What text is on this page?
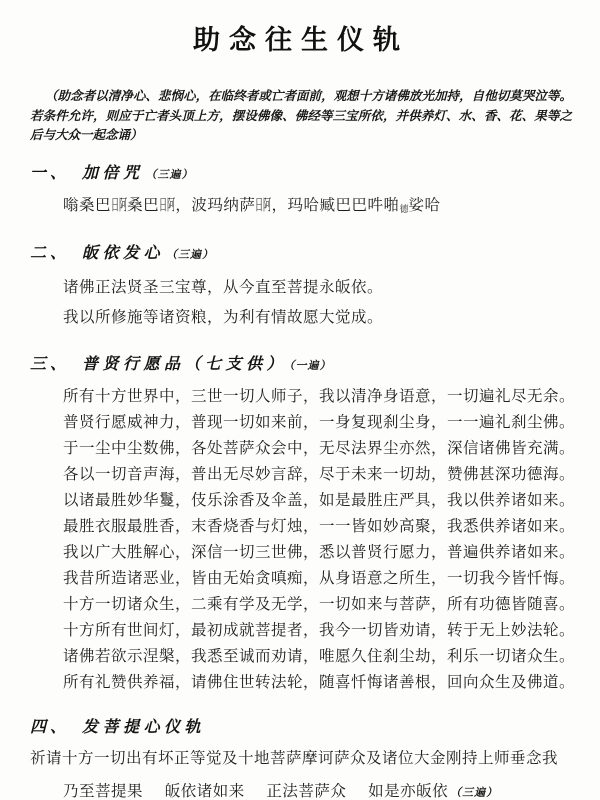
助念往生仪轨
（助念者以清净心、悲悯心，在临终者或亡者面前，观想十方诸佛放光加持，自他切莫哭泣等。若条件允许，则应于亡者头顶上方，摆设佛像、佛经等三宝所依，并供养灯、水、香、花、果等之后与大众一起念诵）
一、 加倍咒 （三遍）
嗡桑巴日阿桑巴日阿，波玛纳萨日阿，玛哈臧巴巴吽啪德娑哈
二、 皈依发心 （三遍）
诸佛正法贤圣三宝尊，从今直至菩提永皈依。
我以所修施等诸资粮，为利有情故愿大觉成。
三、 普贤行愿品（七支供） （一遍）
所有十方世界中，三世一切人师子，我以清净身语意，一切遍礼尽无余。
普贤行愿威神力，普现一切如来前，一身复现刹尘身，一一遍礼刹尘佛。
于一尘中尘数佛，各处菩萨众会中，无尽法界尘亦然，深信诸佛皆充满。
各以一切音声海，普出无尽妙言辞，尽于未来一切劫，赞佛甚深功德海。
以诸最胜妙华鬘，伎乐涂香及伞盖，如是最胜庄严具，我以供养诸如来。
最胜衣服最胜香，末香烧香与灯烛，一一皆如妙高聚，我悉供养诸如来。
我以广大胜解心，深信一切三世佛，悉以普贤行愿力，普遍供养诸如来。
我昔所造诸恶业，皆由无始贪嗔痴，从身语意之所生，一切我今皆忏悔。
十方一切诸众生，二乘有学及无学，一切如来与菩萨，所有功德皆随喜。
十方所有世间灯，最初成就菩提者，我今一切皆劝请，转于无上妙法轮。
诸佛若欲示涅槃，我悉至诚而劝请，唯愿久住刹尘劫，利乐一切诸众生。
所有礼赞供养福，请佛住世转法轮，随喜忏悔诸善根，回向众生及佛道。
四、 发菩提心仪轨
祈请十方一切出有坏正等觉及十地菩萨摩诃萨众及诸位大金刚持上师垂念我
乃至菩提果 皈依诸如来 正法菩萨众 如是亦皈依 （三遍）
